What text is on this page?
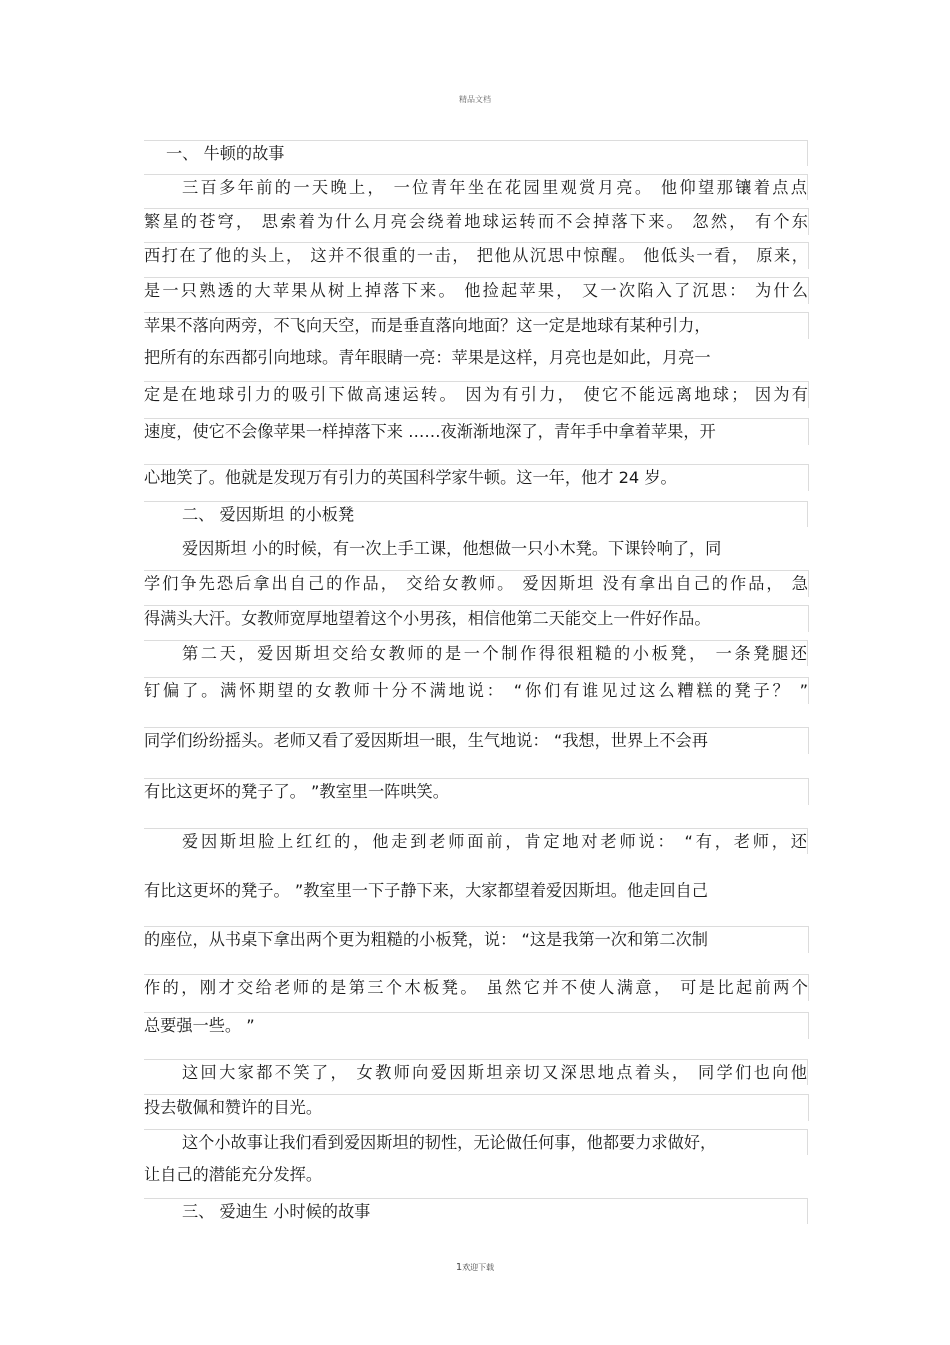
精品文档
一、 牛顿的故事
三百多年前的一天晚上， 一位青年坐在花园里观赏月亮。 他仰望那镶着点点
繁星的苍穹， 思索着为什么月亮会绕着地球运转而不会掉落下来。 忽然， 有个东
西打在了他的头上， 这并不很重的一击， 把他从沉思中惊醒。 他低头一看， 原来，
是一只熟透的大苹果从树上掉落下来。 他捡起苹果， 又一次陷入了沉思： 为什么
苹果不落向两旁，不飞向天空，而是垂直落向地面？这一定是地球有某种引力，
把所有的东西都引向地球。青年眼睛一亮：苹果是这样，月亮也是如此，月亮一
定是在地球引力的吸引下做高速运转。 因为有引力， 使它不能远离地球； 因为有
速度，使它不会像苹果一样掉落下来 ……夜渐渐地深了，青年手中拿着苹果，开
心地笑了。他就是发现万有引力的英国科学家牛顿。这一年，他才 24 岁。
二、 爱因斯坦 的小板凳
爱因斯坦 小的时候，有一次上手工课，他想做一只小木凳。下课铃响了，同
学们争先恐后拿出自己的作品， 交给女教师。 爱因斯坦 没有拿出自己的作品， 急
得满头大汗。女教师宽厚地望着这个小男孩，相信他第二天能交上一件好作品。
第二天，爱因斯坦交给女教师的是一个制作得很粗糙的小板凳， 一条凳腿还
钉偏了。满怀期望的女教师十分不满地说： “你们有谁见过这么糟糕的凳子？ ”
同学们纷纷摇头。老师又看了爱因斯坦一眼，生气地说： “我想，世界上不会再
有比这更坏的凳子了。 ”教室里一阵哄笑。
爱因斯坦脸上红红的，他走到老师面前，肯定地对老师说： “有，老师，还
有比这更坏的凳子。 ”教室里一下子静下来，大家都望着爱因斯坦。他走回自己
的座位，从书桌下拿出两个更为粗糙的小板凳，说： “这是我第一次和第二次制
作的，刚才交给老师的是第三个木板凳。 虽然它并不使人满意， 可是比起前两个
总要强一些。 ”
这回大家都不笑了， 女教师向爱因斯坦亲切又深思地点着头， 同学们也向他
投去敬佩和赞许的目光。
这个小故事让我们看到爱因斯坦的韧性，无论做任何事，他都要力求做好，
让自己的潜能充分发挥。
三、 爱迪生 小时候的故事
1欢迎下载
